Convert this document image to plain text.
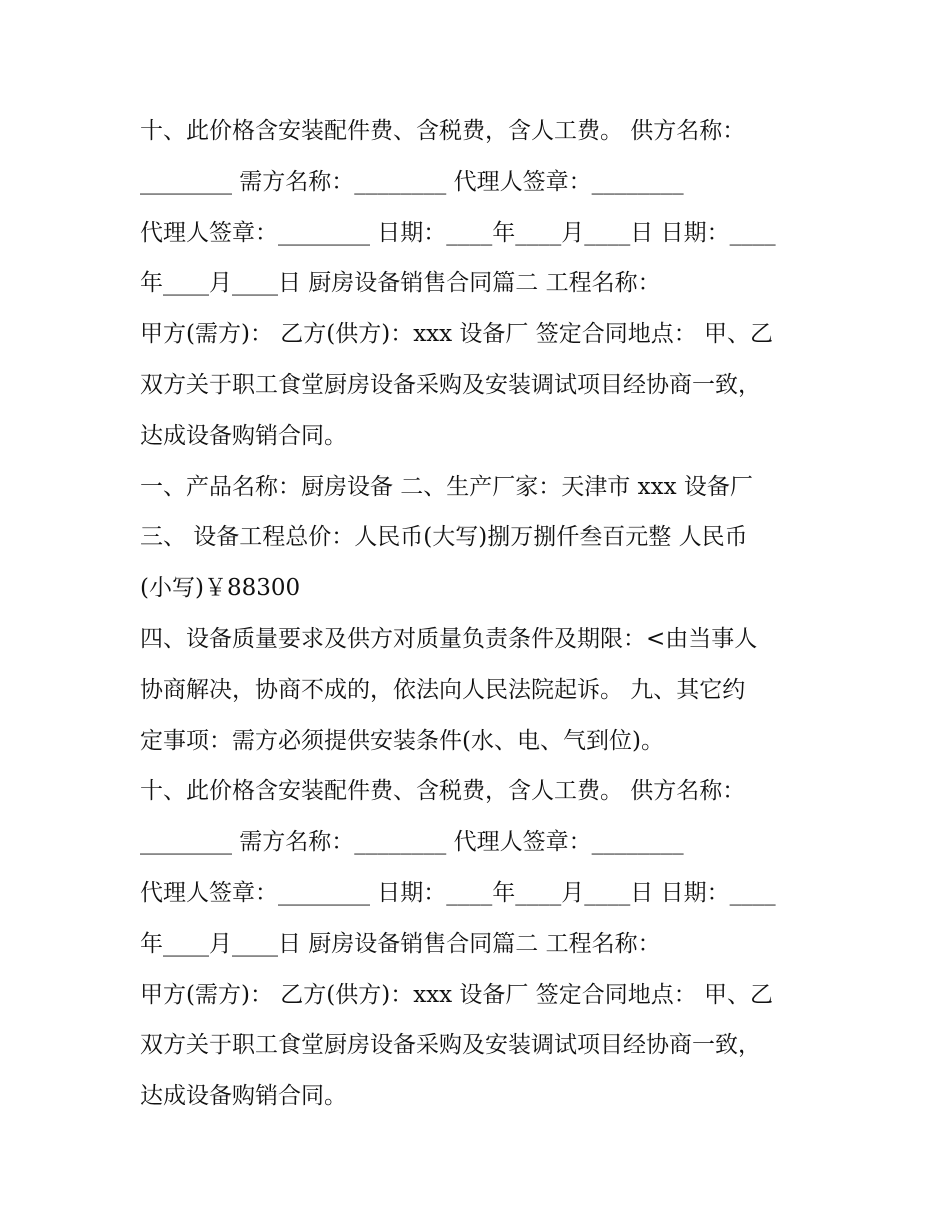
十、此价格含安装配件费、含税费，含人工费。 供方名称：
________ 需方名称：________ 代理人签章：________
代理人签章：________ 日期：____年____月____日 日期：____
年____月____日 厨房设备销售合同篇二 工程名称：
甲方(需方)： 乙方(供方)：xxx 设备厂 签定合同地点： 甲、乙
双方关于职工食堂厨房设备采购及安装调试项目经协商一致，
达成设备购销合同。
一、产品名称：厨房设备 二、生产厂家：天津市 xxx 设备厂
三、 设备工程总价：人民币(大写)捌万捌仟叁百元整 人民币
(小写)￥88300
四、设备质量要求及供方对质量负责条件及期限：<由当事人
协商解决，协商不成的，依法向人民法院起诉。 九、其它约
定事项：需方必须提供安装条件(水、电、气到位)。
十、此价格含安装配件费、含税费，含人工费。 供方名称：
________ 需方名称：________ 代理人签章：________
代理人签章：________ 日期：____年____月____日 日期：____
年____月____日 厨房设备销售合同篇二 工程名称：
甲方(需方)： 乙方(供方)：xxx 设备厂 签定合同地点： 甲、乙
双方关于职工食堂厨房设备采购及安装调试项目经协商一致，
达成设备购销合同。
